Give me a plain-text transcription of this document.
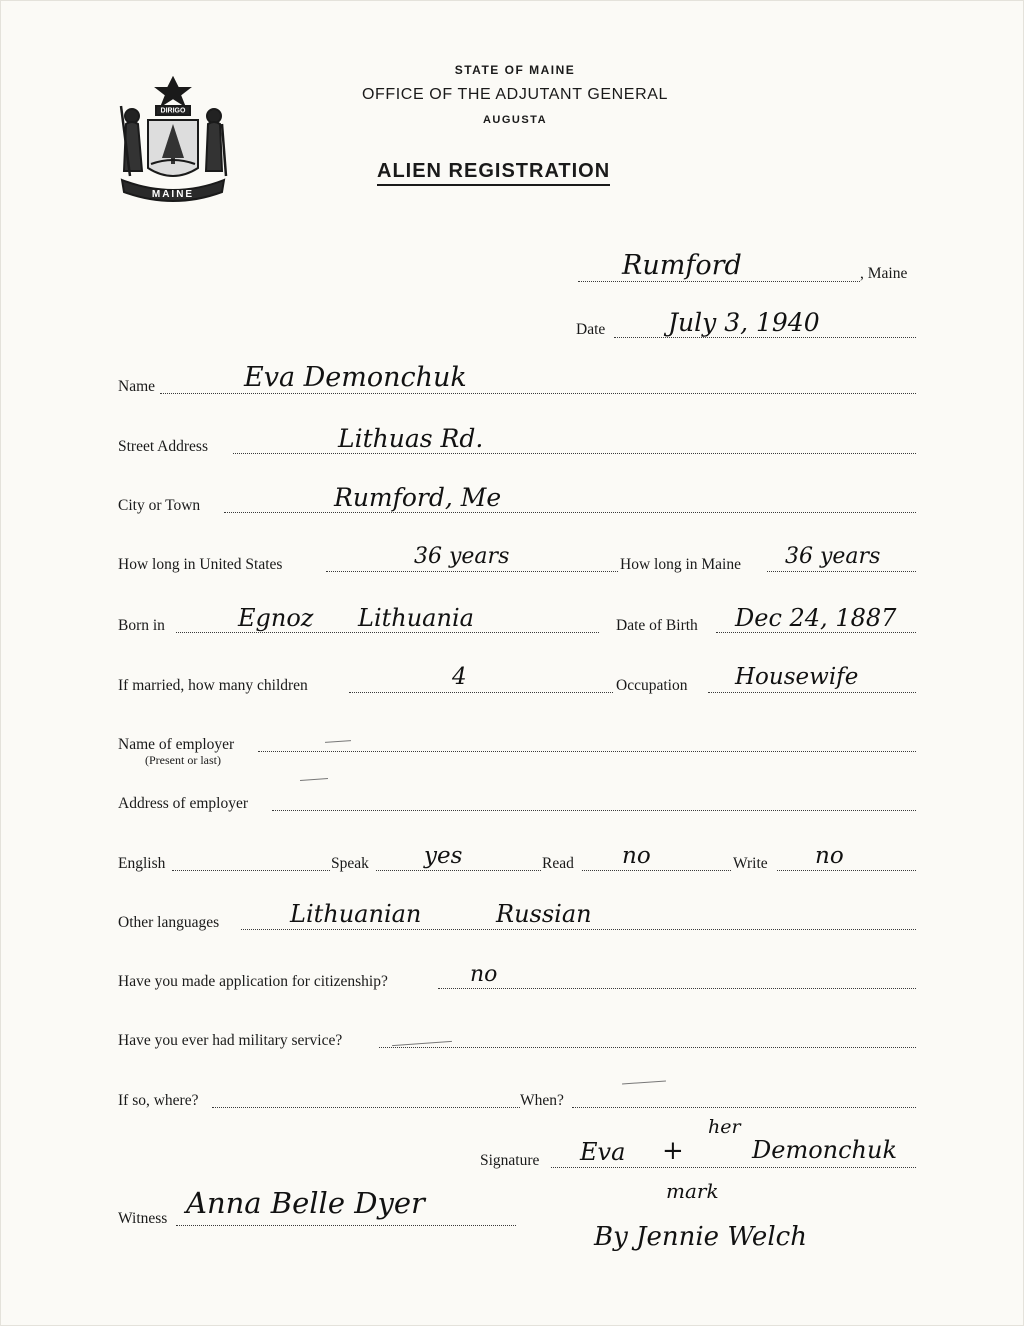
DIRIGO
MAINE
STATE OF MAINE
OFFICE OF THE ADJUTANT GENERAL
AUGUSTA
ALIEN REGISTRATION
Rumford	, Maine
Date	July 3, 1940
Name	Eva Demonchuk
Street Address	Lithuas Rd.
City or Town	Rumford, Me
How long in United States	36 years	How long in Maine 36 years
Born in	Egnoz Lithuania	Date of Birth Dec 24, 1887
If married, how many children	4	Occupation Housewife
Name of employer
(Present or last)
Address of employer
English	Speak yes	Read no	Write no
Other languages	Lithuanian	Russian
Have you made application for citizenship?	no
Have you ever had military service?
If so, where?	When?
Signature Eva +
her
Demonchuk
mark
By Jennie Welch
Witness Anna Belle Dyer
